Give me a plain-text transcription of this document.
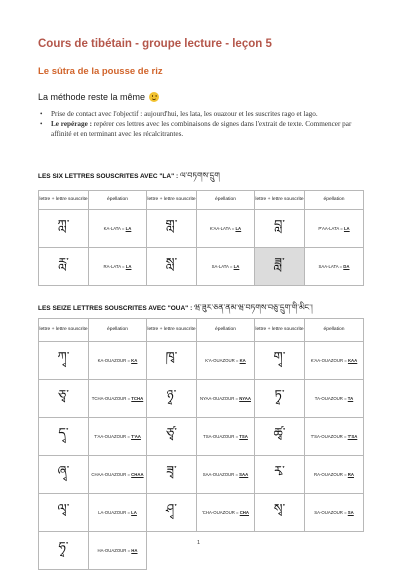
Cours de tibétain - groupe lecture - leçon 5
Le sûtra de la pousse de riz
La méthode reste la même
• Prise de contact avec l'objectif : aujourd'hui, les lata, les ouazour et les suscrites rago et lago.
• Le repérage : repérer ces lettres avec les combinaisons de signes dans l'extrait de texte. Commencer par affinité et en terminant avec les récalcitrantes.
LES SIX LETTRES SOUSCRITES AVEC "LA" : ལ་བཏགས་དྲུག
lettre + lettre souscrite	épellation	lettre + lettre souscrite	épellation	lettre + lettre souscrite	épellation
ཀླ་	KA-LATA = LA	གླ་	K'AA-LATA = LA	བླ་	P'AA-LATA = LA
རླ་	RA-LATA = LA	སླ་	SA-LATA = LA	ཟླ་	SAA-LATA = DA
LES SEIZE LETTRES SOUSCRITES AVEC "OUA" : ཝ་ཟུར་ཅན་ནམ་ཝ་བཏགས་བཅུ་དྲུག་གི་མིང་།
lettre + lettre souscrite	épellation	lettre + lettre souscrite	épellation	lettre + lettre souscrite	épellation
ཀྭ་	KA-OUAZOUR = KA	ཁྭ་	K'A-OUAZOUR = KA	གྭ་	K'AA-OUAZOUR = KAA
ཅྭ་	TCHA-OUAZOUR = TCHA	ཉྭ་	NYAA-OUAZOUR = NYAA	ཏྭ་	TA-OUAZOUR = TA
དྭ་	T'AA-OUAZOUR = T'AA	ཙྭ་	TSA-OUAZOUR = TSA	ཚྭ་	T'SA-OUAZOUR = T'SA
ཞྭ་	CHAA-OUAZOUR = CHAA	ཟྭ་	SAA-OUAZOUR = SAA	རྭ་	RA-OUAZOUR = RA
ལྭ་	LA-OUAZOUR = LA	ཤྭ་	'CHA-OUAZOUR = CHA	སྭ་	SA-OUAZOUR = SA
ཧྭ་	HA-OUAZOUR = HA				
1
